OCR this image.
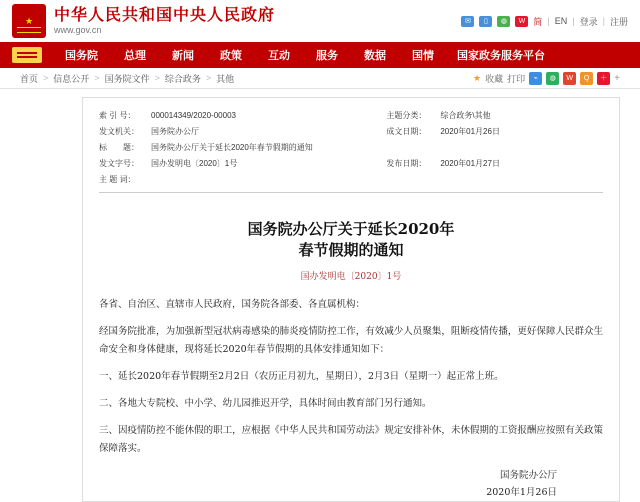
★ 中华人民共和国中央人民政府
www.gov.cn
✉	▯	◍	W 简 | EN | 登录 | 注册
国务院	总理	新闻	政策	互动	服务	数据	国情	国家政务服务平台
首页 > 信息公开 > 国务院文件 > 综合政务 > 其他	★ 收藏 打印	⌁	◍	W	Q	＋ +
索 引 号：	000014349/2020-00003	主题分类：	综合政务\其他
发文机关：	国务院办公厅	成文日期：	2020年01月26日
标　　题：	国务院办公厅关于延长2020年春节假期的通知		
发文字号：	国办发明电〔2020〕1号	发布日期：	2020年01月27日
主 题 词：			
国务院办公厅关于延长2020年
春节假期的通知
国办发明电〔2020〕1号

各省、自治区、直辖市人民政府，国务院各部委、各直属机构：

经国务院批准，为加强新型冠状病毒感染的肺炎疫情防控工作，有效减少人员聚集，阻断疫情传播，更好保障人民群众生命安全和身体健康，现将延长2020年春节假期的具体安排通知如下：

一、延长2020年春节假期至2月2日（农历正月初九，星期日），2月3日（星期一）起正常上班。

二、各地大专院校、中小学、幼儿园推迟开学，具体时间由教育部门另行通知。

三、因疫情防控不能休假的职工，应根据《中华人民共和国劳动法》规定安排补休，未休假期的工资报酬应按照有关政策保障落实。

国务院办公厅
2020年1月26日
